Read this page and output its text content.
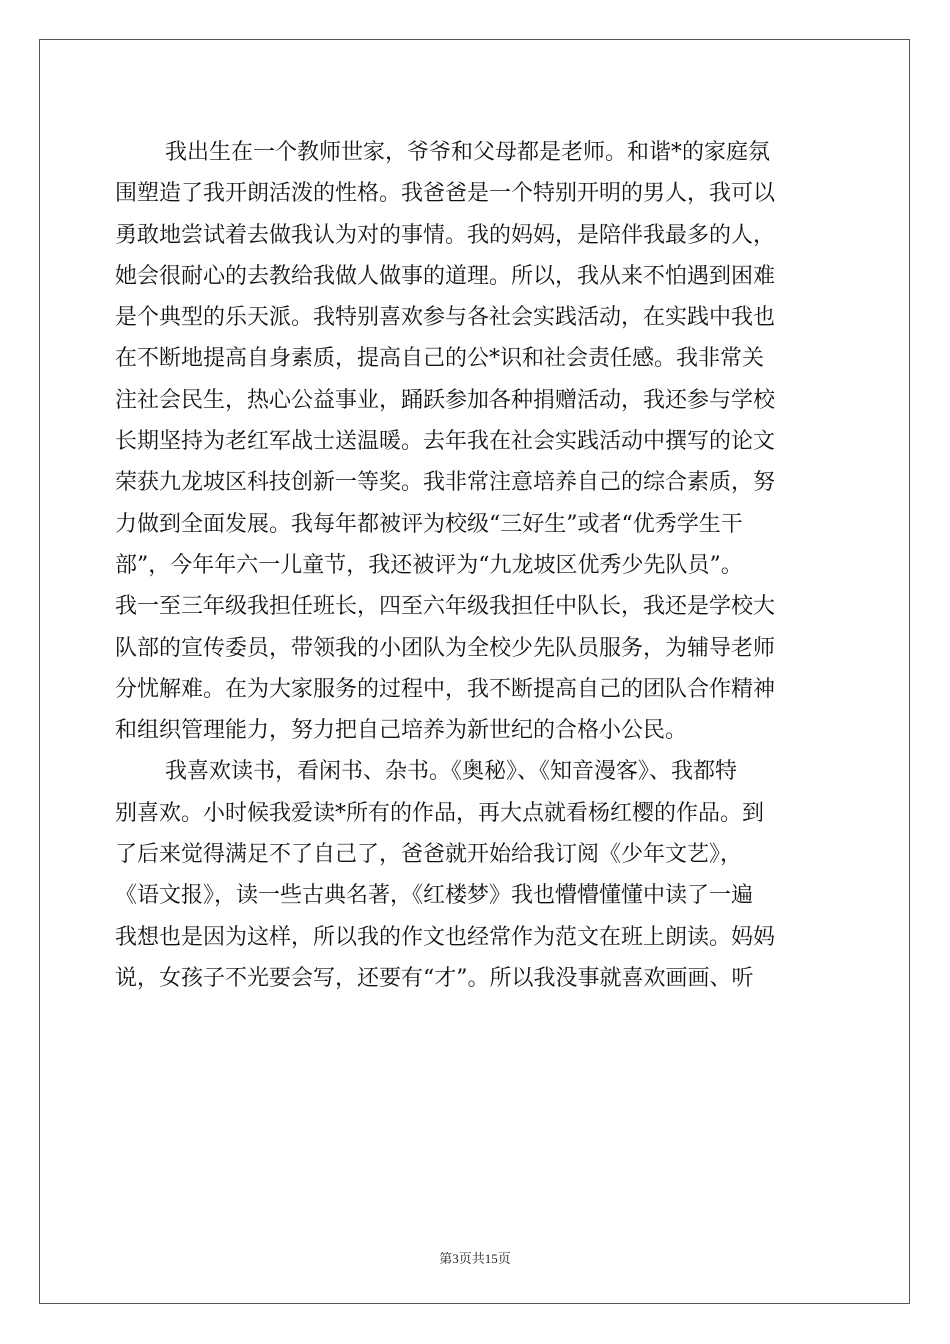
我出生在一个教师世家，爷爷和父母都是老师。和谐*的家庭氛
围塑造了我开朗活泼的性格。我爸爸是一个特别开明的男人，我可以
勇敢地尝试着去做我认为对的事情。我的妈妈，是陪伴我最多的人，
她会很耐心的去教给我做人做事的道理。所以，我从来不怕遇到困难
是个典型的乐天派。我特别喜欢参与各社会实践活动，在实践中我也
在不断地提高自身素质，提高自己的公*识和社会责任感。我非常关
注社会民生，热心公益事业，踊跃参加各种捐赠活动，我还参与学校
长期坚持为老红军战士送温暖。去年我在社会实践活动中撰写的论文
荣获九龙坡区科技创新一等奖。我非常注意培养自己的综合素质，努
力做到全面发展。我每年都被评为校级“三好生”或者“优秀学生干
部”，今年年六一儿童节，我还被评为“九龙坡区优秀少先队员”。
我一至三年级我担任班长，四至六年级我担任中队长，我还是学校大
队部的宣传委员，带领我的小团队为全校少先队员服务，为辅导老师
分忧解难。在为大家服务的过程中，我不断提高自己的团队合作精神
和组织管理能力，努力把自己培养为新世纪的合格小公民。
我喜欢读书，看闲书、杂书。《奥秘》、《知音漫客》、我都特
别喜欢。小时候我爱读*所有的作品，再大点就看杨红樱的作品。到
了后来觉得满足不了自己了，爸爸就开始给我订阅《少年文艺》，
《语文报》，读一些古典名著，《红楼梦》我也懵懵懂懂中读了一遍
我想也是因为这样，所以我的作文也经常作为范文在班上朗读。妈妈
说，女孩子不光要会写，还要有“才”。所以我没事就喜欢画画、听
第3页共15页
